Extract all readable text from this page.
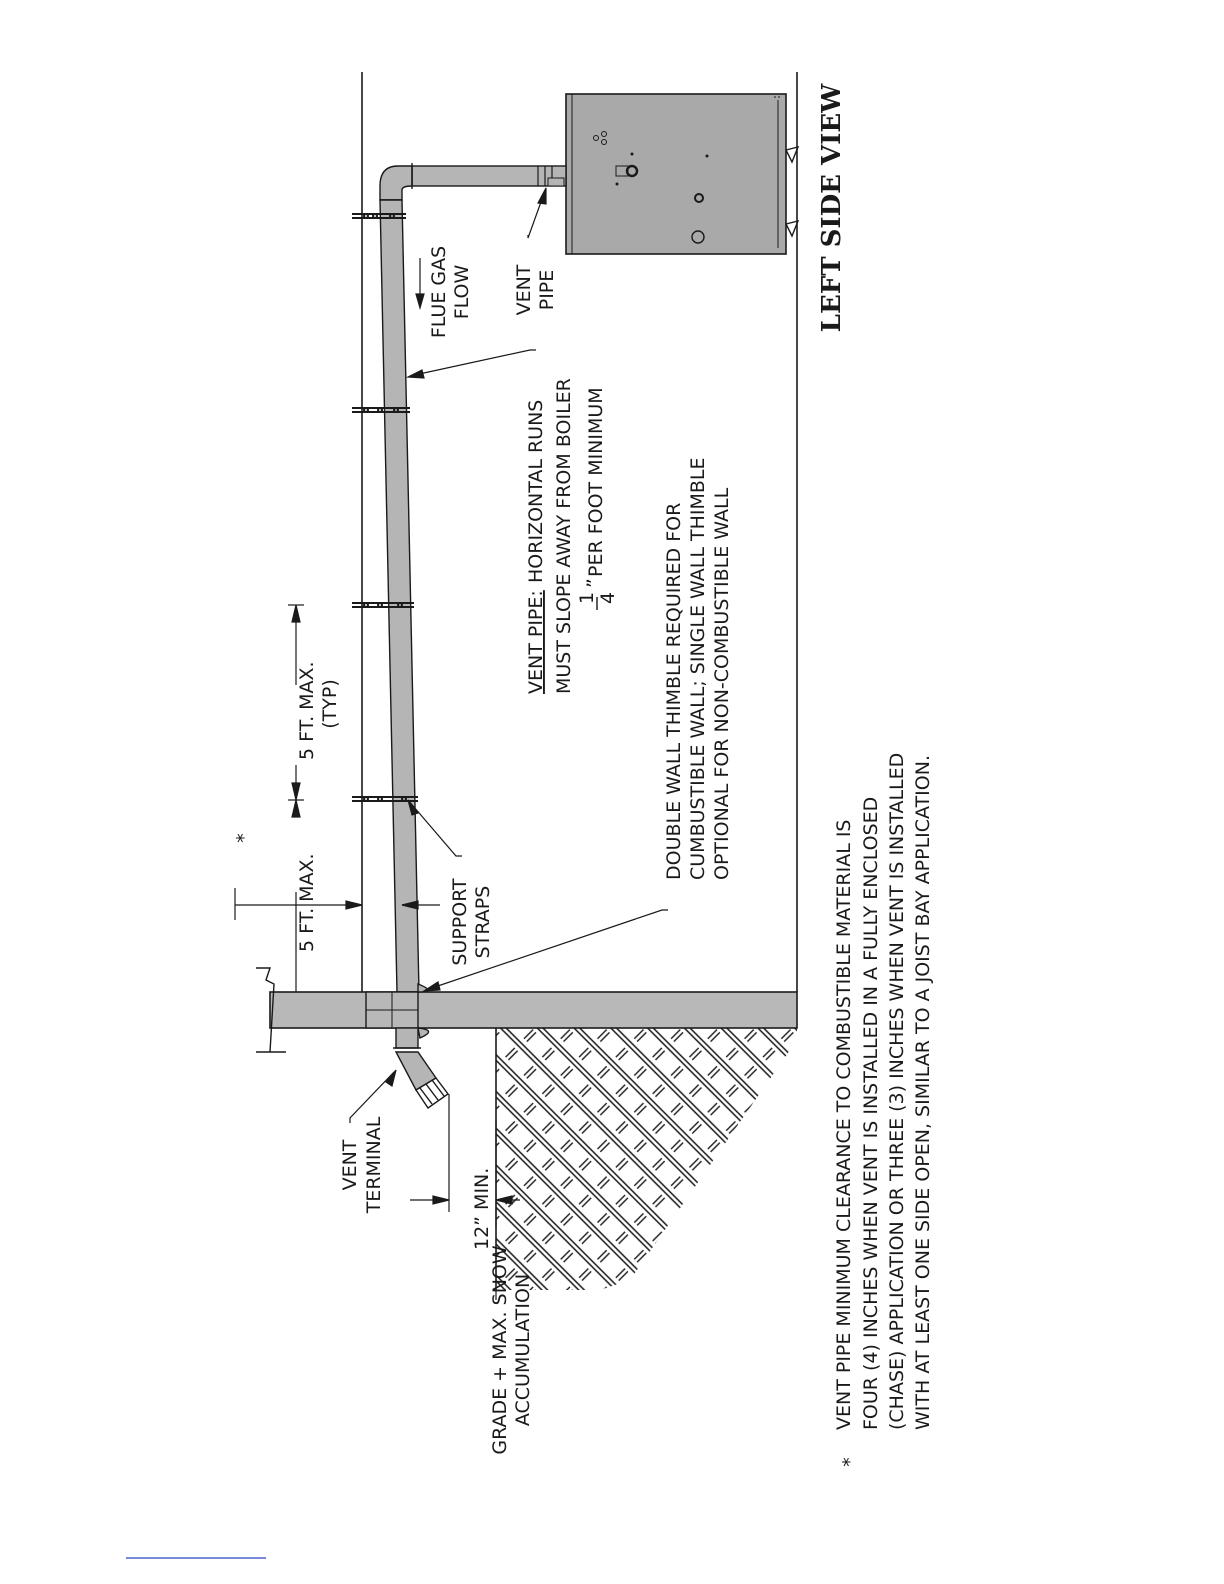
VENT PIPE
FLUE GAS FLOW
VENT PIPE:
HORIZONTAL RUNS MUST SLOPE AWAY FROM BOILER 1 4
”
PER FOOT MINIMUM
DOUBLE WALL THIMBLE REQUIRED FOR CUMBUSTIBLE WALL; SINGLE WALL THIMBLE OPTIONAL FOR NON-COMBUSTIBLE WALL
SUPPORT STRAPS
5 FT. MAX. (TYP)
5 FT. MAX.
*
VENT TERMINAL	12” MIN.
GRADE + MAX. SNOW ACCUMULATION
LEFT SIDE VIEW
*
VENT PIPE MINIMUM CLEARANCE TO COMBUSTIBLE MATERIAL IS FOUR (4) INCHES WHEN VENT IS INSTALLED IN A FULLY ENCLOSED (CHASE) APPLICATION OR THREE (3) INCHES WHEN VENT IS INSTALLED WITH AT LEAST ONE SIDE OPEN, SIMILAR TO A JOIST BAY APPLICATION.
